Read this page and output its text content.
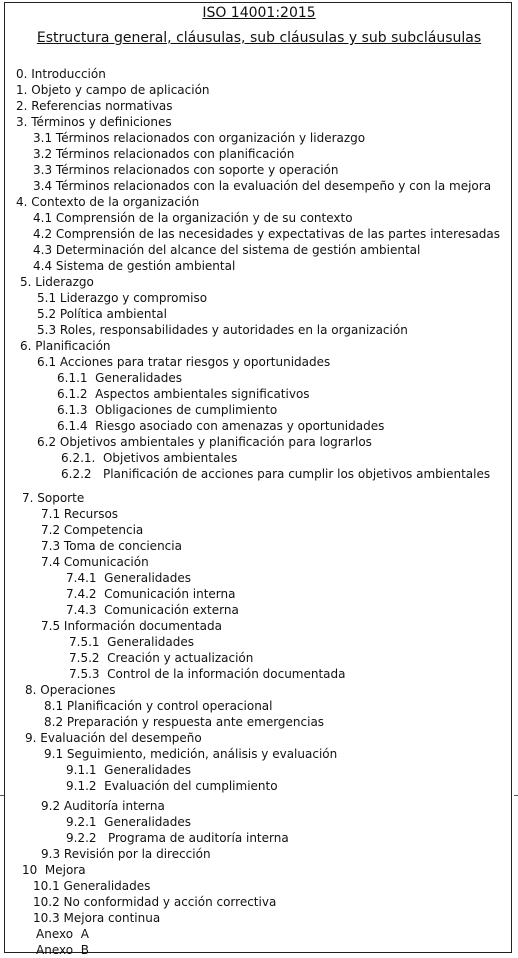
ISO 14001:2015
Estructura general, cláusulas, sub cláusulas y sub subcláusulas
0. Introducción
1. Objeto y campo de aplicación
2. Referencias normativas
3. Términos y definiciones
3.1 Términos relacionados con organización y liderazgo
3.2 Términos relacionados con planificación
3.3 Términos relacionados con soporte y operación
3.4 Términos relacionados con la evaluación del desempeño y con la mejora
4. Contexto de la organización
4.1 Comprensión de la organización y de su contexto
4.2 Comprensión de las necesidades y expectativas de las partes interesadas
4.3 Determinación del alcance del sistema de gestión ambiental
4.4 Sistema de gestión ambiental
5. Liderazgo
5.1 Liderazgo y compromiso
5.2 Política ambiental
5.3 Roles, responsabilidades y autoridades en la organización
6. Planificación
6.1 Acciones para tratar riesgos y oportunidades
6.1.1  Generalidades
6.1.2  Aspectos ambientales significativos
6.1.3  Obligaciones de cumplimiento
6.1.4  Riesgo asociado con amenazas y oportunidades
6.2 Objetivos ambientales y planificación para lograrlos
6.2.1.  Objetivos ambientales
6.2.2   Planificación de acciones para cumplir los objetivos ambientales
7. Soporte
7.1 Recursos
7.2 Competencia
7.3 Toma de conciencia
7.4 Comunicación
7.4.1  Generalidades
7.4.2  Comunicación interna
7.4.3  Comunicación externa
7.5 Información documentada
7.5.1  Generalidades
7.5.2  Creación y actualización
7.5.3  Control de la información documentada
8. Operaciones
8.1 Planificación y control operacional
8.2 Preparación y respuesta ante emergencias
9. Evaluación del desempeño
9.1 Seguimiento, medición, análisis y evaluación
9.1.1  Generalidades
9.1.2  Evaluación del cumplimiento
9.2 Auditoría interna
9.2.1  Generalidades
9.2.2   Programa de auditoría interna
9.3 Revisión por la dirección
10  Mejora
10.1 Generalidades
10.2 No conformidad y acción correctiva
10.3 Mejora continua
Anexo  A
Anexo  B
